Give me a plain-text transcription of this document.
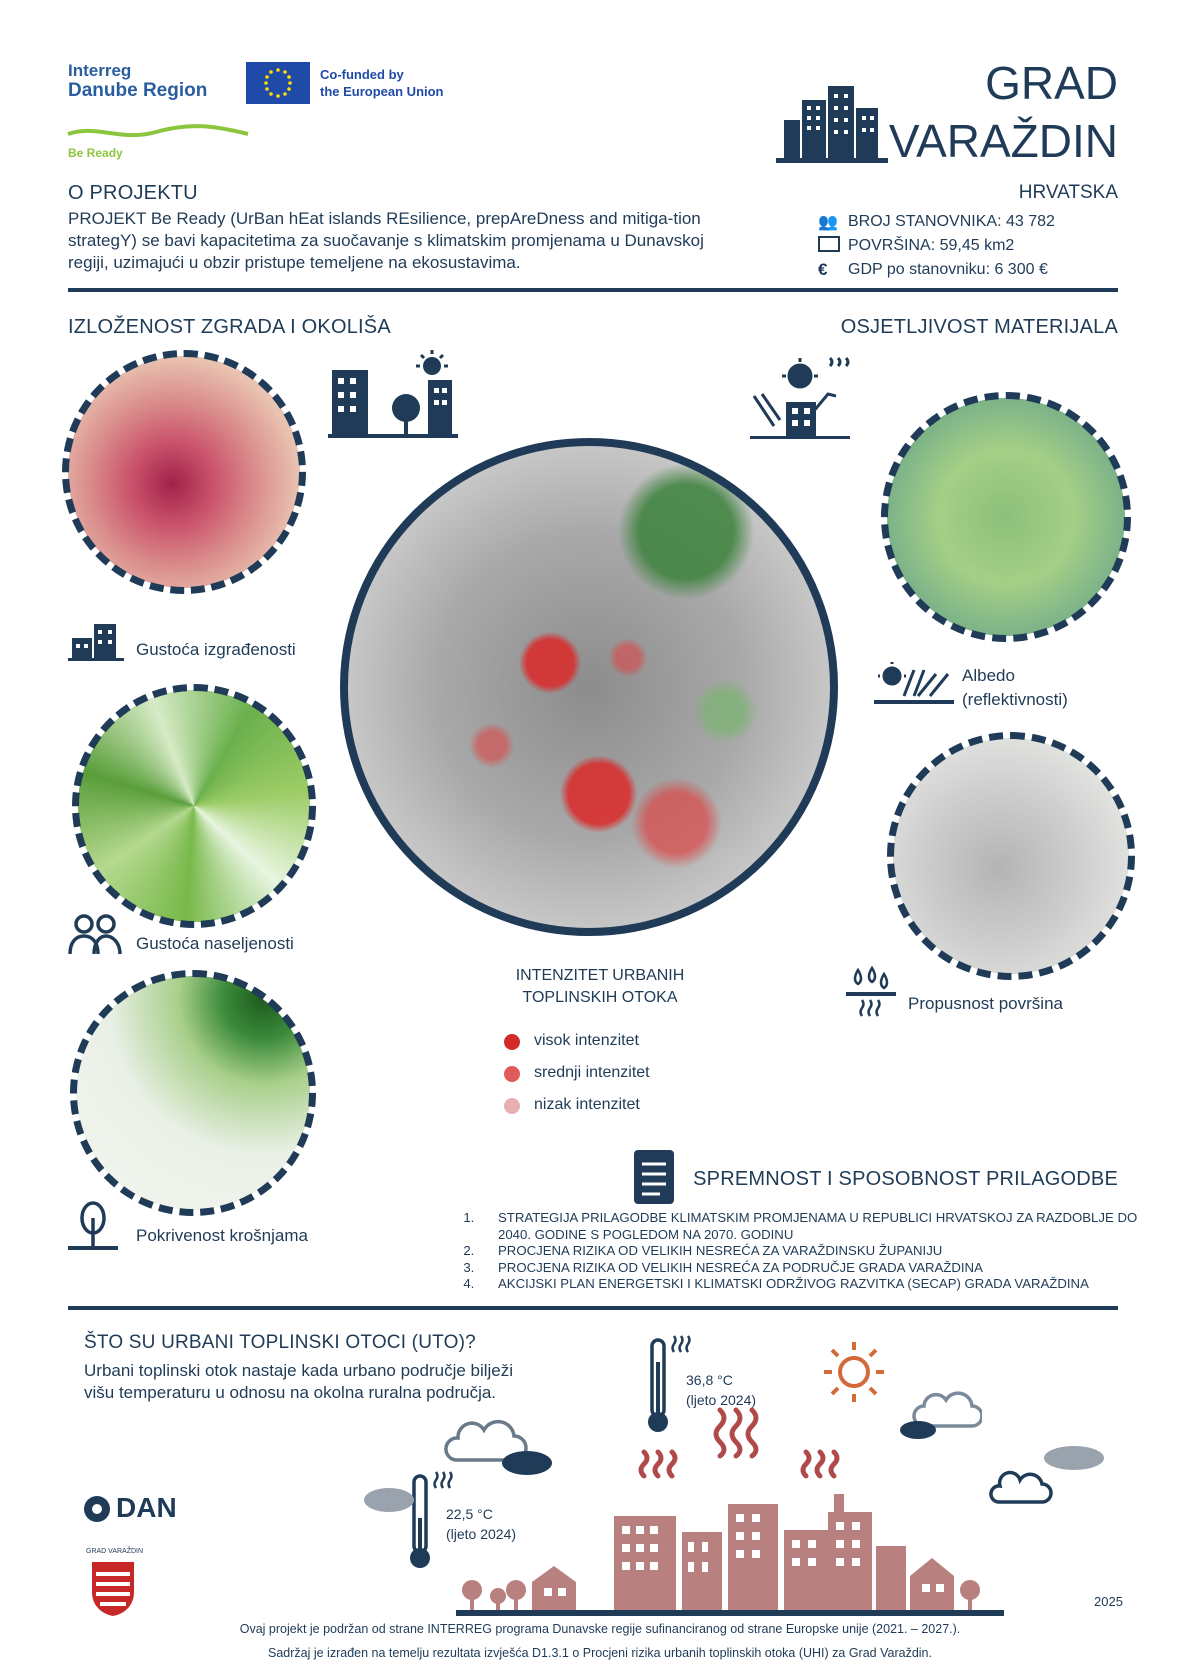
Interreg
Danube Region
Co-funded by
the European Union
Be Ready
GRAD
VARAŽDIN
HRVATSKA
O PROJEKTU
PROJEKT Be Ready (UrBan hEat islands REsilience, prepAreDness and mitiga-tion strategY) se bavi kapacitetima za suočavanje s klimatskim promjenama u Dunavskoj regiji, uzimajući u obzir pristupe temeljene na ekosustavima.
👥 BROJ STANOVNIKA: 43 782
POVRŠINA: 59,45 km2
€	GDP po stanovniku: 6 300 €
IZLOŽENOST ZGRADA I OKOLIŠA	OSJETLJIVOST MATERIJALA
Gustoća izgrađenosti
Gustoća naseljenosti
Pokrivenost krošnjama
INTENZITET URBANIH
TOPLINSKIH OTOKA
visok intenzitet
srednji intenzitet
nizak intenzitet
Albedo
(reflektivnosti)
Propusnost površina
SPREMNOST I SPOSOBNOST PRILAGODBE
1. STRATEGIJA PRILAGODBE KLIMATSKIM PROMJENAMA U REPUBLICI HRVATSKOJ ZA RAZDOBLJE DO 2040. GODINE S POGLEDOM NA 2070. GODINU
2. PROCJENA RIZIKA OD VELIKIH NESREĆA ZA VARAŽDINSKU ŽUPANIJU
3. PROCJENA RIZIKA OD VELIKIH NESREĆA ZA PODRUČJE GRADA VARAŽDINA
4. AKCIJSKI PLAN ENERGETSKI I KLIMATSKI ODRŽIVOG RAZVITKA (SECAP) GRADA VARAŽDINA
ŠTO SU URBANI TOPLINSKI OTOCI (UTO)?
Urbani toplinski otok nastaje kada urbano područje bilježi višu temperaturu u odnosu na okolna ruralna područja.
36,8 °C
(ljeto 2024)
22,5 °C
(ljeto 2024)
DAN
GRAD VARAŽDIN
2025
Ovaj projekt je podržan od strane INTERREG programa Dunavske regije sufinanciranog od strane Europske unije (2021. – 2027.).
Sadržaj je izrađen na temelju rezultata izvješća D1.3.1 o Procjeni rizika urbanih toplinskih otoka (UHI) za Grad Varaždin.
